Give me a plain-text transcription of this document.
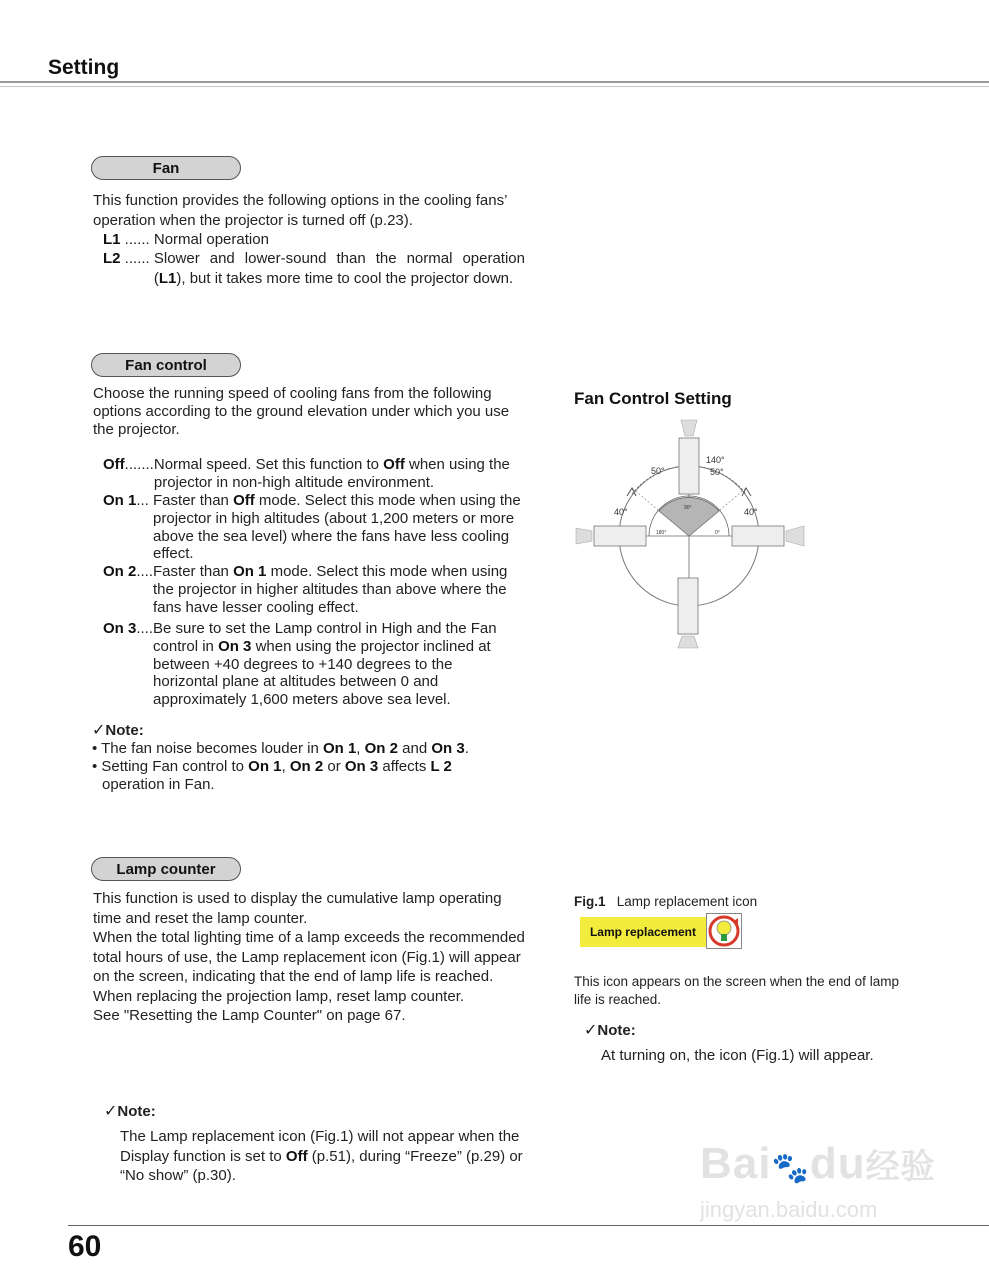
Setting
Fan
This function provides the following options in the cooling fans’ operation when the projector is turned off (p.23).
L1 ...... Normal operation
L2 ...... Slower and lower-sound than the normal operation (L1), but it takes more time to cool the projector down.
Fan control
Choose the running speed of cooling fans from the following options according to the ground elevation under which you use the projector.
Off....... Normal speed. Set this function to Off when using the projector in non-high altitude environment.
On 1... Faster than Off mode. Select this mode when using the projector in high altitudes (about 1,200 meters or more above the sea level) where the fans have less cooling effect.
On 2.... Faster than On 1 mode. Select this mode when using the projector in higher altitudes than above where the fans have lesser cooling effect.
On 3.... Be sure to set the Lamp control in High and the Fan control in On 3 when using the projector inclined at between +40 degrees to +140 degrees to the horizontal plane at altitudes between 0 and approximately 1,600 meters above sea level.
✓Note:
• The fan noise becomes louder in On 1, On 2 and On 3.
• Setting Fan control to On 1, On 2 or On 3 affects L 2
operation in Fan.
Fan Control Setting
140°
50°	50°
40°	40°
90°
180°	0°
Lamp counter
This function is used to display the cumulative lamp operating time and reset the lamp counter.
When the total lighting time of a lamp exceeds the recommended total hours of use, the Lamp replacement icon (Fig.1) will appear on the screen, indicating that the end of lamp life is reached.
When replacing the projection lamp, reset lamp counter.
See "Resetting the Lamp Counter" on page 67.
✓Note:
The Lamp replacement icon (Fig.1) will not appear when the Display function is set to Off (p.51), during “Freeze” (p.29) or “No show” (p.30).
Fig.1 Lamp replacement icon
Lamp replacement
This icon appears on the screen when the end of lamp life is reached.
✓Note:
At turning on, the icon (Fig.1) will appear.
Bai🐾du经验
jingyan.baidu.com
60
